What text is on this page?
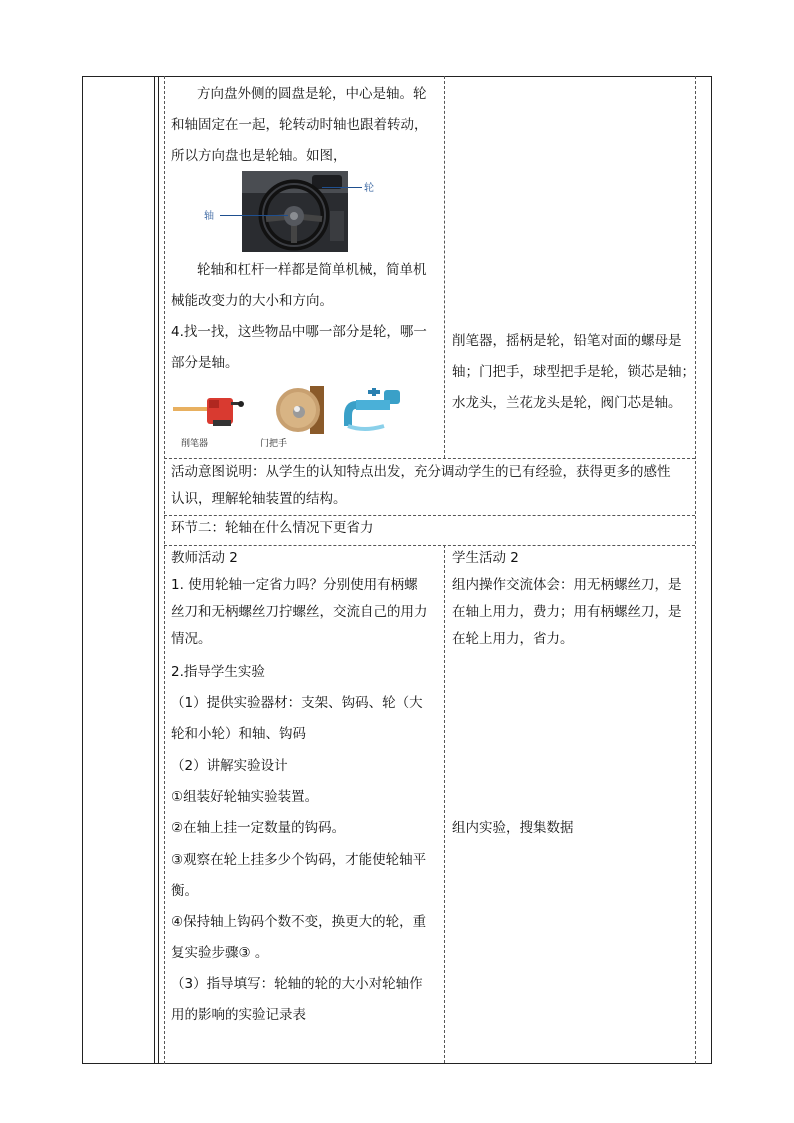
方向盘外侧的圆盘是轮，中心是轴。轮
和轴固定在一起，轮转动时轴也跟着转动，
所以方向盘也是轮轴。如图，
轮
轴
轮轴和杠杆一样都是简单机械，简单机
械能改变力的大小和方向。
4.找一找，这些物品中哪一部分是轮，哪一
部分是轴。
削笔器	门把手
削笔器，摇柄是轮，铅笔对面的螺母是
轴；门把手，球型把手是轮，锁芯是轴；
水龙头，兰花龙头是轮，阀门芯是轴。
活动意图说明：从学生的认知特点出发，充分调动学生的已有经验，获得更多的感性
认识，理解轮轴装置的结构。
环节二：轮轴在什么情况下更省力
教师活动 2
1. 使用轮轴一定省力吗？分别使用有柄螺
丝刀和无柄螺丝刀拧螺丝，交流自己的用力
情况。
2.指导学生实验
（1）提供实验器材：支架、钩码、轮（大
轮和小轮）和轴、钩码
（2）讲解实验设计
①组装好轮轴实验装置。
②在轴上挂一定数量的钩码。
③观察在轮上挂多少个钩码，才能使轮轴平
衡。
④保持轴上钩码个数不变，换更大的轮，重
复实验步骤③ 。
（3）指导填写：轮轴的轮的大小对轮轴作
用的影响的实验记录表
学生活动 2
组内操作交流体会：用无柄螺丝刀，是
在轴上用力，费力；用有柄螺丝刀，是
在轮上用力，省力。
组内实验，搜集数据
